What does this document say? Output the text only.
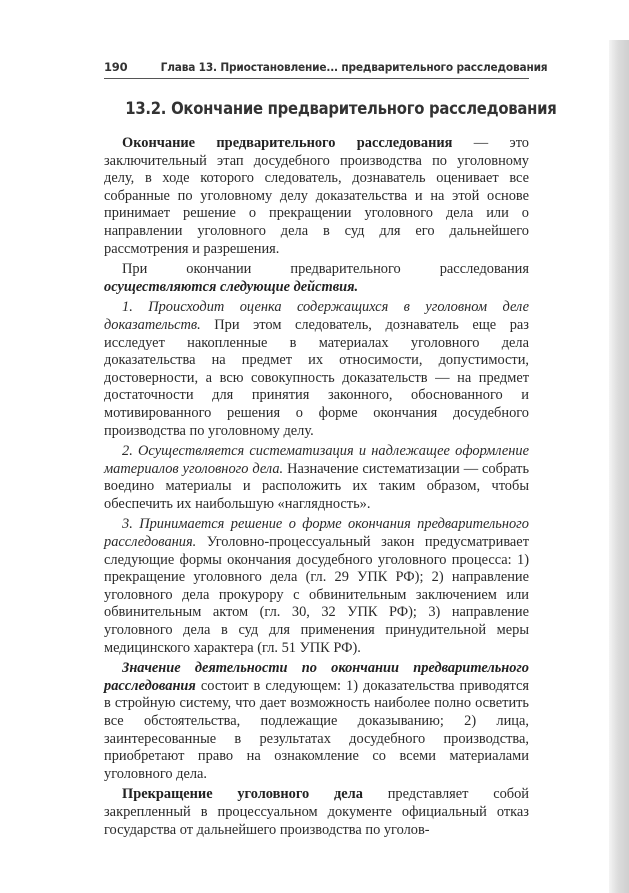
190	Глава 13. Приостановление... предварительного расследования
13.2. Окончание предварительного расследования

Окончание предварительного расследования — это заключительный этап досудебного производства по уголовному делу, в ходе которого следователь, дознаватель оценивает все собранные по уголовному делу доказательства и на этой основе принимает решение о прекращении уголовного дела или о направлении уголовного дела в суд для его дальнейшего рассмотрения и разрешения.

При окончании предварительного расследования осуществляются следующие действия.

1. Происходит оценка содержащихся в уголовном деле доказательств. При этом следователь, дознаватель еще раз исследует накопленные в материалах уголовного дела доказательства на предмет их относимости, допустимости, достоверности, а всю совокупность доказательств — на предмет достаточности для принятия законного, обоснованного и мотивированного решения о форме окончания досудебного производства по уголовному делу.

2. Осуществляется систематизация и надлежащее оформление материалов уголовного дела. Назначение систематизации — собрать воедино материалы и расположить их таким образом, чтобы обеспечить их наибольшую «наглядность».

3. Принимается решение о форме окончания предварительного расследования. Уголовно-процессуальный закон предусматривает следующие формы окончания досудебного уголовного процесса: 1) прекращение уголовного дела (гл. 29 УПК РФ); 2) направление уголовного дела прокурору с обвинительным заключением или обвинительным актом (гл. 30, 32 УПК РФ); 3) направление уголовного дела в суд для применения принудительной меры медицинского характера (гл. 51 УПК РФ).

Значение деятельности по окончании предварительного расследования состоит в следующем: 1) доказательства приводятся в стройную систему, что дает возможность наиболее полно осветить все обстоятельства, подлежащие доказыванию; 2) лица, заинтересованные в результатах досудебного производства, приобретают право на ознакомление со всеми материалами уголовного дела.

Прекращение уголовного дела представляет собой закрепленный в процессуальном документе официальный отказ государства от дальнейшего производства по уголов-
